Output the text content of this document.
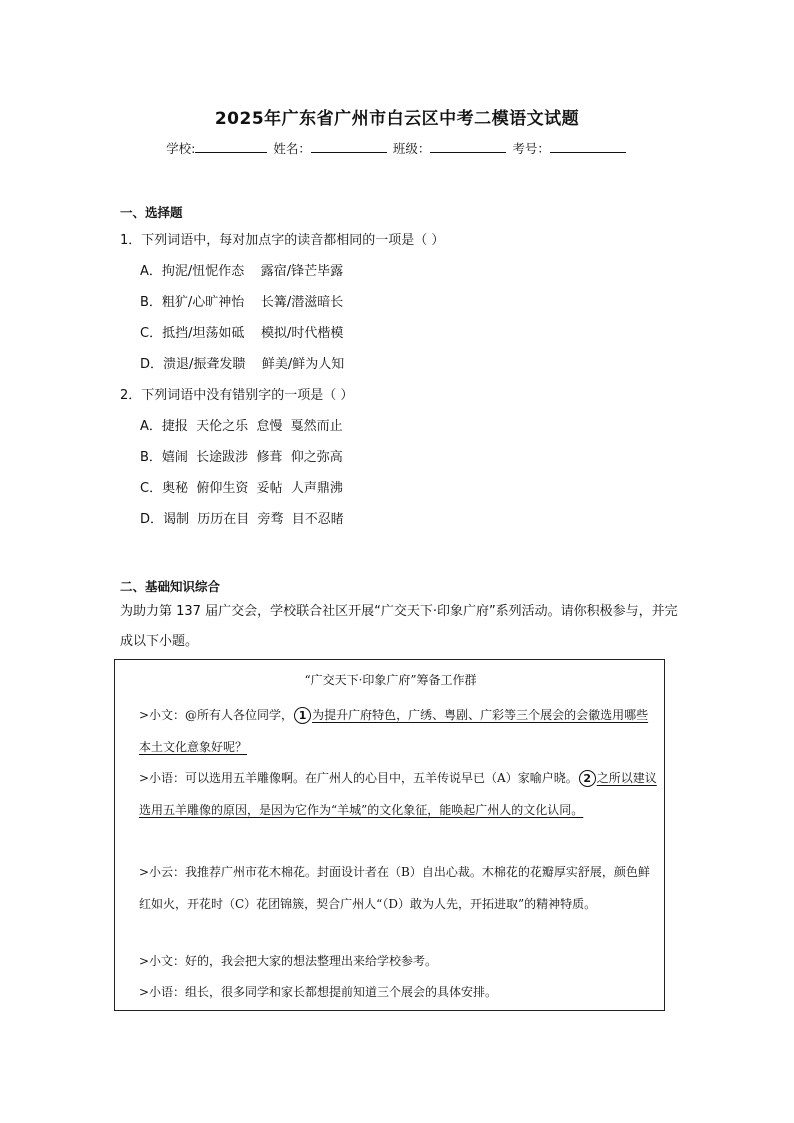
2025年广东省广州市白云区中考二模语文试题
学校:	姓名：	班级：	考号：
一、选择题
1．下列词语中，每对加点字的读音都相同的一项是（ ）
A．拘泥/忸怩作态    露宿/锋芒毕露
B．粗犷/心旷神怡    长篝/潜滋暗长
C．抵挡/坦荡如砥    模拟/时代楷模
D．溃退/振聋发聩    鲜美/鲜为人知
2．下列词语中没有错别字的一项是（ ）
A．捷报  天伦之乐  怠慢  戛然而止
B．嬉闹  长途跋涉  修葺  仰之弥高
C．奥秘  俯仰生资  妥帖  人声鼎沸
D．谒制  历历在目  旁骛  目不忍睹
二、基础知识综合
为助力第 137 届广交会，学校联合社区开展“广交天下·印象广府”系列活动。请你积极参与，并完成以下小题。
“广交天下·印象广府”筹备工作群
>小文：@所有人各位同学， 1 为提升广府特色，广绣、粤剧、广彩等三个展会的会徽选用哪些本土文化意象好呢？
>小语：可以选用五羊雕像啊。在广州人的心目中，五羊传说早已（A）家喻户晓。 2 之所以建议选用五羊雕像的原因，是因为它作为“羊城”的文化象征，能唤起广州人的文化认同。
>小云：我推荐广州市花木棉花。封面设计者在（B）自出心裁。木棉花的花瓣厚实舒展，颜色鲜红如火，开花时（C）花团锦簇，契合广州人“（D）敢为人先，开拓进取”的精神特质。
>小文：好的，我会把大家的想法整理出来给学校参考。
>小语：组长，很多同学和家长都想提前知道三个展会的具体安排。
